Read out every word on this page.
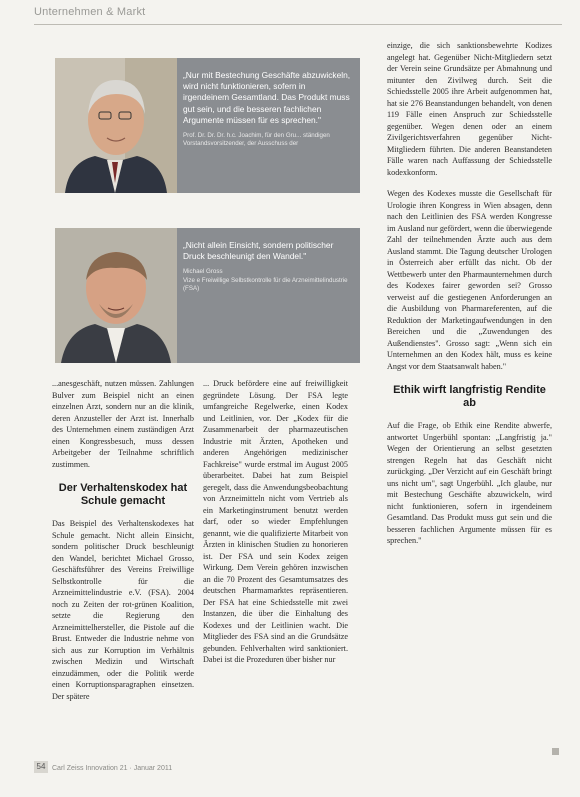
Unternehmen & Markt
„Nur mit Bestechung Geschäfte abzuwickeln, wird nicht funktionieren, sofern in irgendeinem Gesamtland. Das Produkt muss gut sein, und die besseren fachlichen Argumente müssen für es sprechen."
Prof. Dr. Dr. Dr. h.c. Joachim, für den Gru... ständigen Vorstandsvorsitzender, der Ausschuss der
„Nicht allein Einsicht, sondern politischer Druck beschleunigt den Wandel."
Michael Gross
Vize e Freiwillige Selbstkontrolle für die Arzneimittelindustrie (FSA)

...anesgeschäft, nutzen müssen. Zahlungen Bulver zum Beispiel nicht an einen einzelnen Arzt, sondern nur an die klinik, deren Anzusteller der Arzt ist. Innerhalb des Unternehmen einem zuständigen Arzt einen Kongressbesuch, muss dessen Arbeitgeber der Teilnahme schriftlich zustimmen.

Der Verhaltenskodex hat Schule gemacht

Das Beispiel des Verhaltenskodexes hat Schule gemacht. Nicht allein Einsicht, sondern politischer Druck beschleunigt den Wandel, berichtet Michael Grosso, Geschäftsführer des Vereins Freiwillige Selbstkontrolle für die Arzneimittelindustrie e.V. (FSA). 2004 noch zu Zeiten der rot-grünen Koalition, setzte die Regierung den Arzneimittelhersteller, die Pistole auf die Brust. Entweder die Industrie nehme von sich aus zur Korruption im Verhältnis zwischen Medizin und Wirtschaft einzudämmen, oder die Politik werde einen Korruptionsparagraphen einsetzen. Der spätere

... Druck befördere eine auf freiwilligkeit gegründete Lösung. Der FSA legte umfangreiche Regelwerke, einen Kodex und Leitlinien, vor. Der „Kodex für die Zusammenarbeit der pharmazeutischen Industrie mit Ärzten, Apotheken und anderen Angehörigen medizinischer Fachkreise" wurde erstmal im August 2005 überarbeitet. Dabei hat zum Beispiel geregelt, dass die Anwendungsbeobachtung von Arzneimitteln nicht vom Vertrieb als ein Marketinginstrument benutzt werden darf, oder so wieder Empfehlungen genannt, wie die qualifizierte Mitarbeit von Ärzten in klinischen Studien zu honorieren ist. Der FSA und sein Kodex zeigen Wirkung. Dem Verein gehören inzwischen an die 70 Prozent des Gesamtumsatzes des deutschen Pharmamarktes repräsentieren. Der FSA hat eine Schiedsstelle mit zwei Instanzen, die über die Einhaltung des Kodexes und der Leitlinien wacht. Die Mitglieder des FSA sind an die Grundsätze gebunden. Fehlverhalten wird sanktioniert. Dabei ist die Prozeduren über bisher nur

einzige, die sich sanktionsbewehrte Kodizes angelegt hat. Gegenüber Nicht-Mitgliedern setzt der Verein seine Grundsätze per Abmahnung und mitunter den Zivilweg durch. Seit die Schiedsstelle 2005 ihre Arbeit aufgenommen hat, hat sie 276 Beanstandungen behandelt, von denen 119 Fälle einen Anspruch zur Schiedsstelle gegenüber. Wegen denen oder an einem Zivilgerichtsverfahren gegenüber Nicht-Mitgliedern führten. Die anderen Beanstandeten Fälle waren nach Auffassung der Schiedsstelle kodexkonform.

Wegen des Kodexes musste die Gesellschaft für Urologie ihren Kongress in Wien absagen, denn nach den Leitlinien des FSA werden Kongresse im Ausland nur gefördert, wenn die überwiegende Zahl der teilnehmenden Ärzte auch aus dem Ausland stammt. Die Tagung deutscher Urologen in Österreich aber erfüllt das nicht. Ob der Wettbewerb unter den Pharmaunternehmen durch des Kodexes fairer geworden sei? Grosso verweist auf die gestiegenen Anforderungen an die Ausbildung von Pharmareferenten, auf die Reduktion der Marketingaufwendungen in den Bereichen und die „Zuwendungen des Außendienstes". Grosso sagt: „Wenn sich ein Unternehmen an den Kodex hält, muss es keine Angst vor dem Staatsanwalt haben."

Ethik wirft langfristig Rendite ab

Auf die Frage, ob Ethik eine Rendite abwerfe, antwortet Ungerbühl spontan: „Langfristig ja." Wegen der Orientierung an selbst gesetzten strengen Regeln hat das Geschäft nicht zurückging. „Der Verzicht auf ein Geschäft bringt uns nicht um", sagt Ungerbühl. „Ich glaube, nur mit Bestechung Geschäfte abzuwickeln, wird nicht funktionieren, sofern in irgendeinem Gesamtland. Das Produkt muss gut sein und die besseren fachlichen Argumente müssen für es sprechen."

54 Carl Zeiss Innovation 21 · Januar 2011
